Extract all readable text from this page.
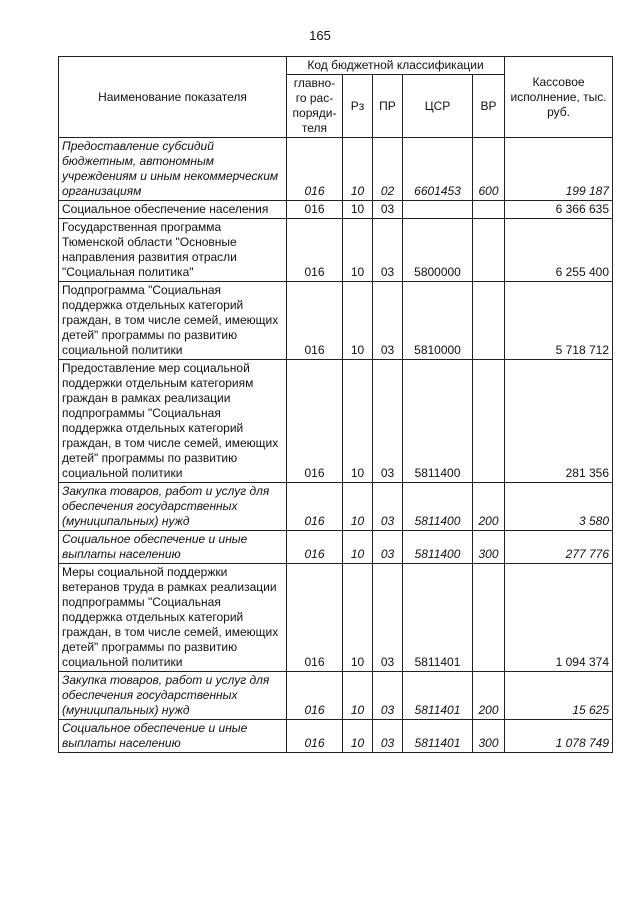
165
Наименование показателя	Код бюджетной классификации					Кассовое исполнение, тыс. руб.
	главно-го рас-поряди-теля	Рз	ПР	ЦСР	ВР	
Предоставление субсидий бюджетным, автономным учреждениям и иным некоммерческим организациям	016	10	02	6601453	600	199 187
Социальное обеспечение населения	016	10	03			6 366 635
Государственная программа Тюменской области "Основные направления развития отрасли "Социальная политика"	016	10	03	5800000		6 255 400
Подпрограмма "Социальная поддержка отдельных категорий граждан, в том числе семей, имеющих детей" программы по развитию социальной политики	016	10	03	5810000		5 718 712
Предоставление мер социальной поддержки отдельным категориям граждан в рамках реализации подпрограммы "Социальная поддержка отдельных категорий граждан, в том числе семей, имеющих детей" программы по развитию социальной политики	016	10	03	5811400		281 356
Закупка товаров, работ и услуг для обеспечения государственных (муниципальных) нужд	016	10	03	5811400	200	3 580
Социальное обеспечение и иные выплаты населению	016	10	03	5811400	300	277 776
Меры социальной поддержки ветеранов труда в рамках реализации подпрограммы "Социальная поддержка отдельных категорий граждан, в том числе семей, имеющих детей" программы по развитию социальной политики	016	10	03	5811401		1 094 374
Закупка товаров, работ и услуг для обеспечения государственных (муниципальных) нужд	016	10	03	5811401	200	15 625
Социальное обеспечение и иные выплаты населению	016	10	03	5811401	300	1 078 749
